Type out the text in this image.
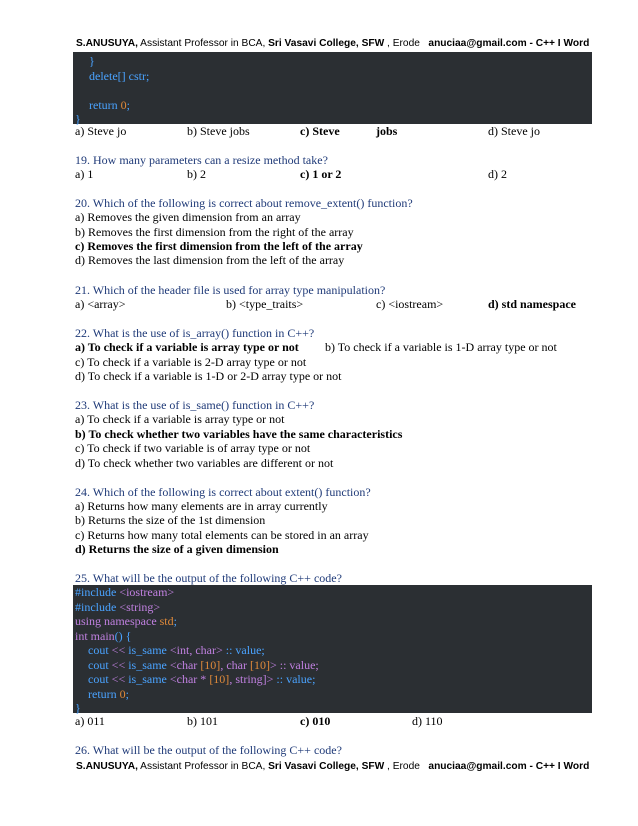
S.ANUSUYA, Assistant Professor in BCA, Sri Vasavi College, SFW , Erode anuciaa@gmail.com - C++ I Word
}
delete[] cstr;
return 0;
}
a) Steve jo	b) Steve jobs	c) Steve	jobs	d) Steve jo
19. How many parameters can a resize method take?
a) 1	b) 2	c) 1 or 2	d) 2
20. Which of the following is correct about remove_extent() function?
a) Removes the given dimension from an array
b) Removes the first dimension from the right of the array
c) Removes the first dimension from the left of the array
d) Removes the last dimension from the left of the array
21. Which of the header file is used for array type manipulation?
a) <array>	b) <type_traits>	c) <iostream>	d) std namespace
22. What is the use of is_array() function in C++?
a) To check if a variable is array type or not b) To check if a variable is 1-D array type or not
c) To check if a variable is 2-D array type or not
d) To check if a variable is 1-D or 2-D array type or not
23. What is the use of is_same() function in C++?
a) To check if a variable is array type or not
b) To check whether two variables have the same characteristics
c) To check if two variable is of array type or not
d) To check whether two variables are different or not
24. Which of the following is correct about extent() function?
a) Returns how many elements are in array currently
b) Returns the size of the 1st dimension
c) Returns how many total elements can be stored in an array
d) Returns the size of a given dimension
25. What will be the output of the following C++ code?
#include <iostream>
#include <string>
using namespace std;
int main() {
cout << is_same <int, char> :: value;
cout << is_same <char [10], char [10]> :: value;
cout << is_same <char * [10], string]> :: value;
return 0;
}
a) 011	b) 101	c) 010	d) 110
26. What will be the output of the following C++ code?
S.ANUSUYA, Assistant Professor in BCA, Sri Vasavi College, SFW , Erode anuciaa@gmail.com - C++ I Word
